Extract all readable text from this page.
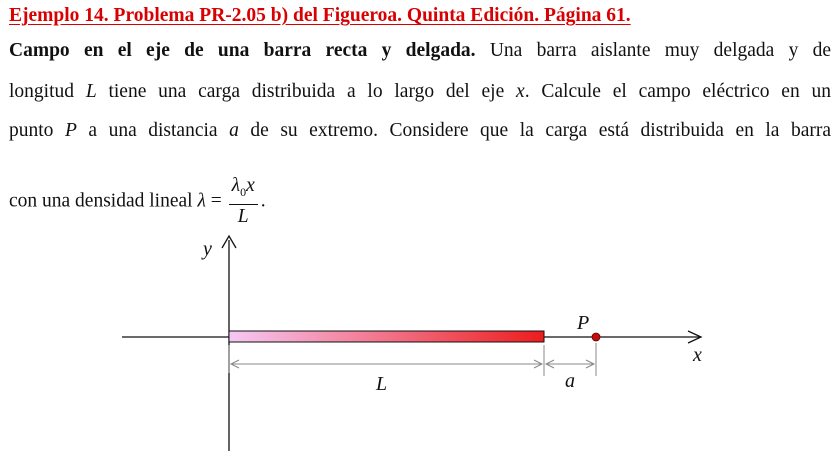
Ejemplo 14. Problema PR-2.05 b) del Figueroa. Quinta Edición. Página 61.
Campo en el eje de una barra recta y delgada. Una barra aislante muy delgada y de
longitud L tiene una carga distribuida a lo largo del eje x. Calcule el campo eléctrico en un
punto P a una distancia a de su extremo. Considere que la carga está distribuida en la barra
con una densidad lineal $\lambda = \frac{\lambda_0x}{L}$ .
y
x
P
L	a
